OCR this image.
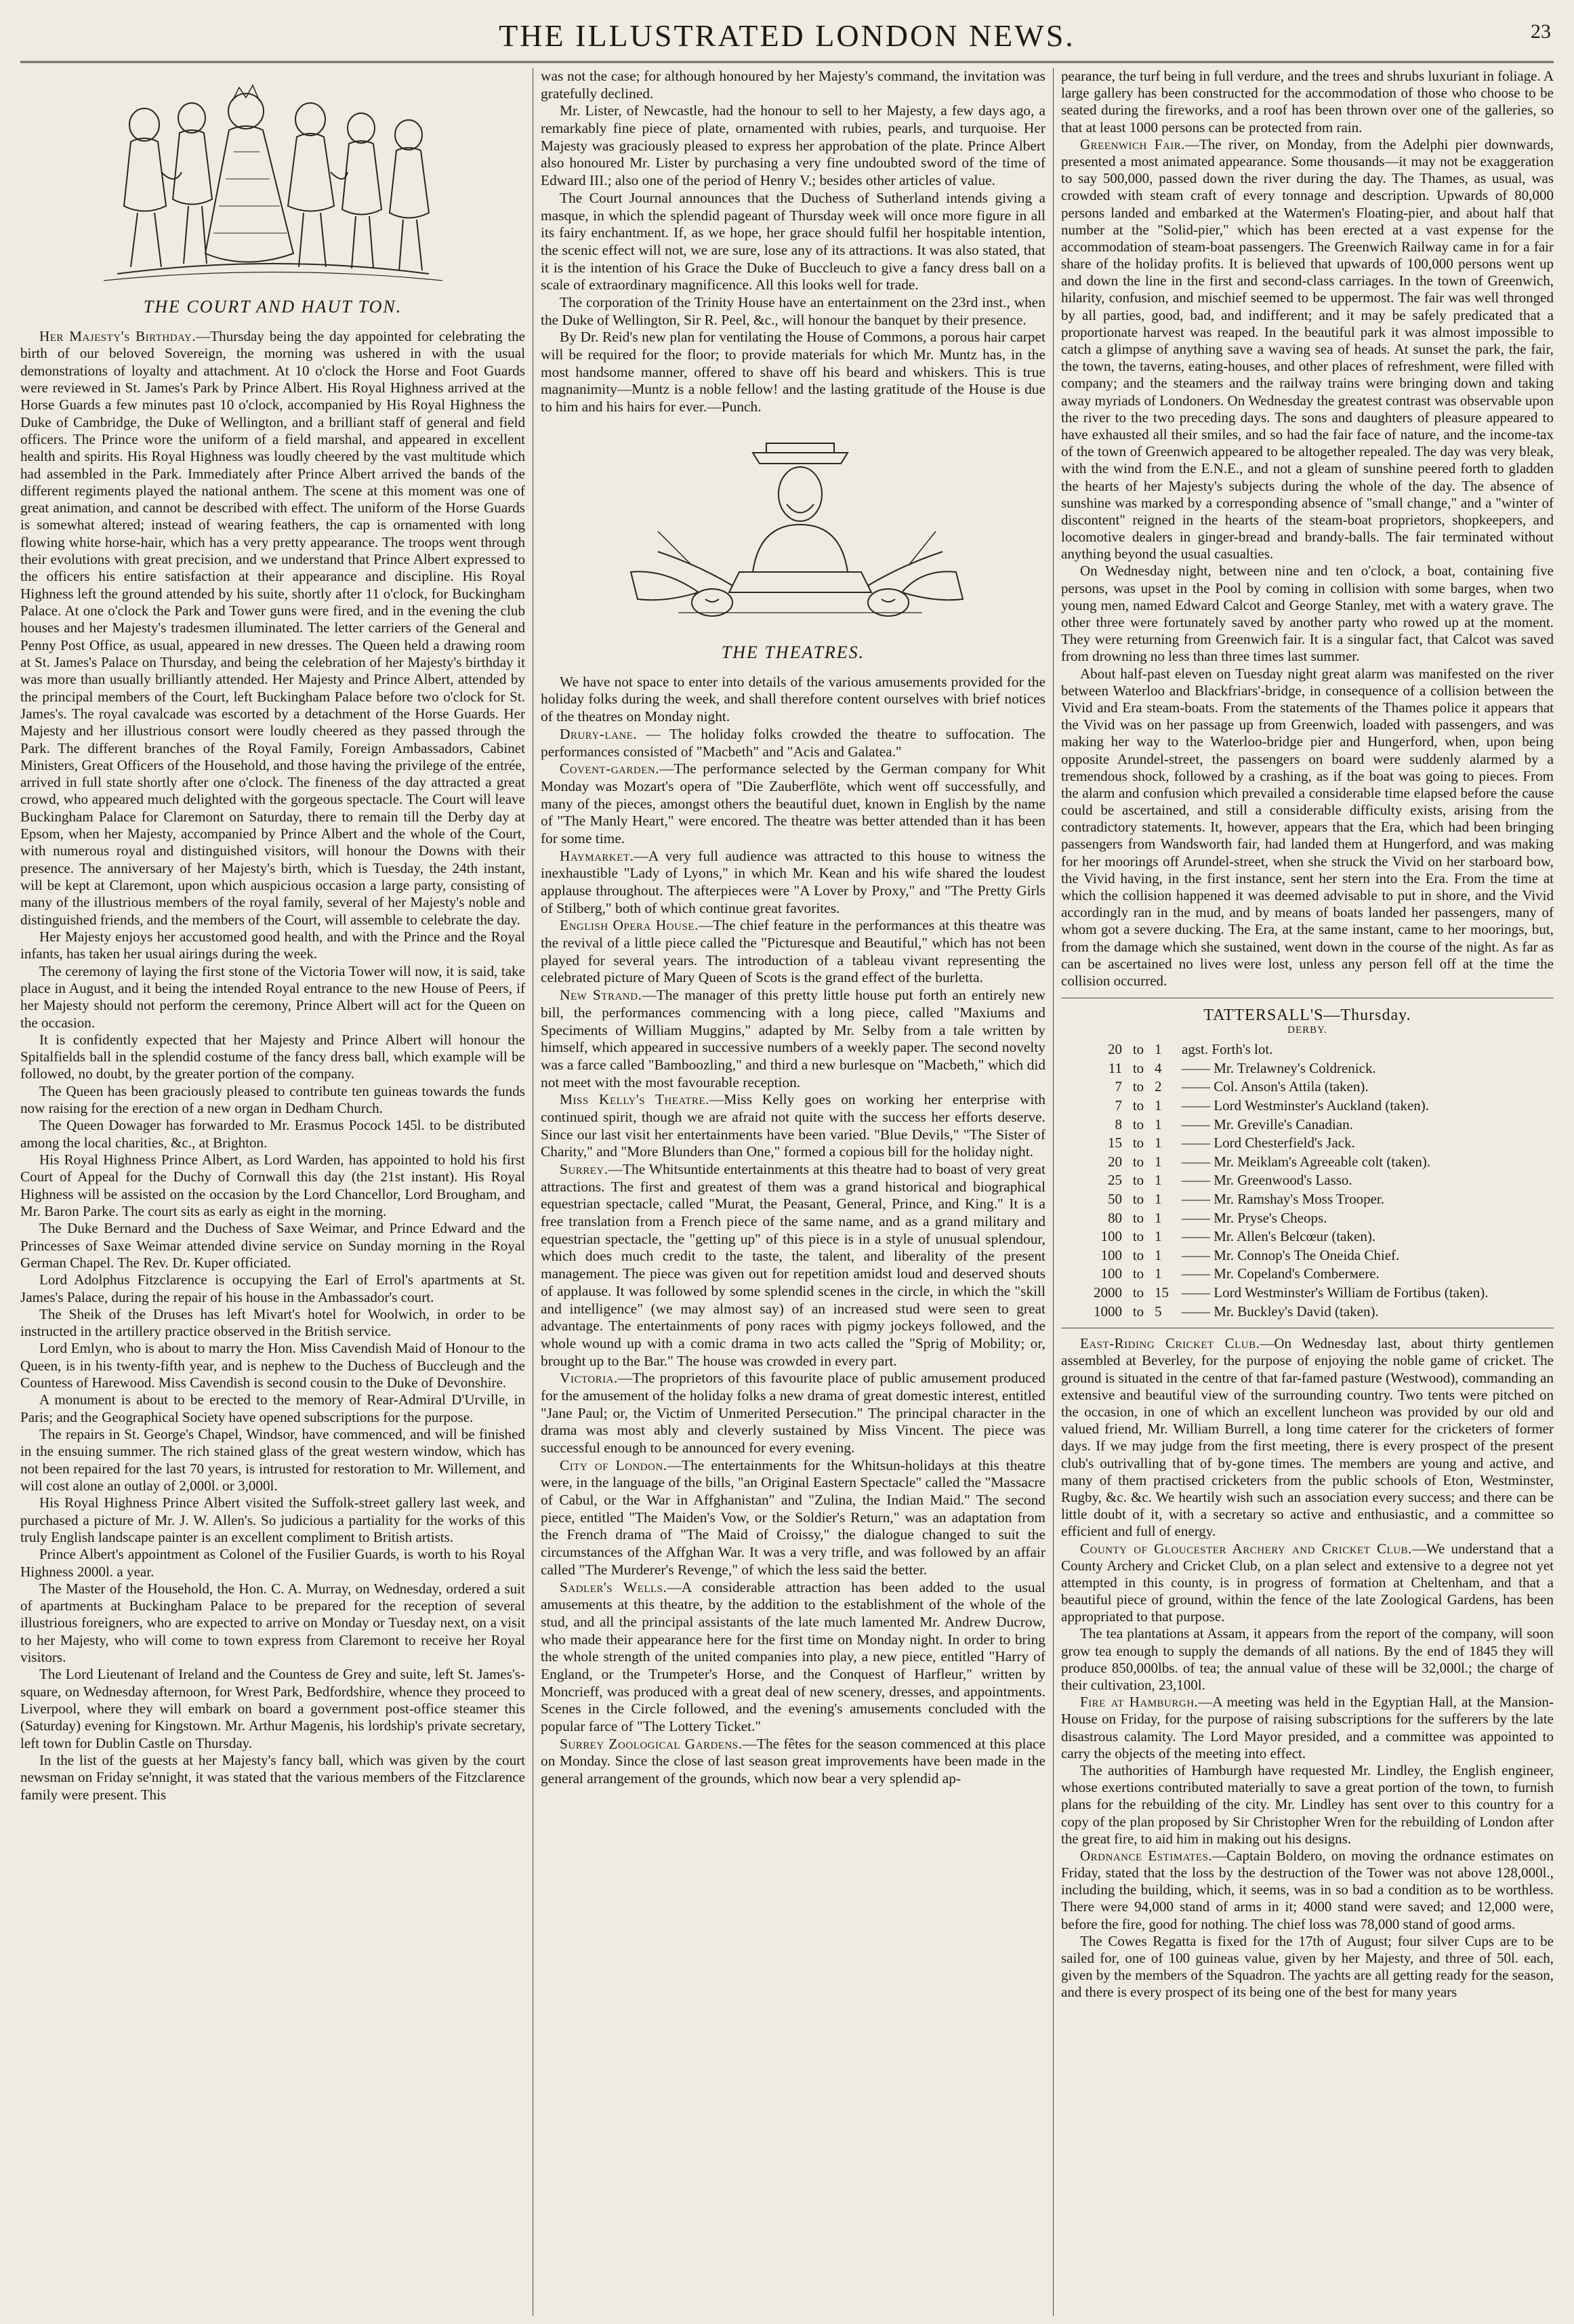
THE ILLUSTRATED LONDON NEWS.	23
THE COURT AND HAUT TON.

Her Majesty's Birthday.—Thursday being the day appointed for celebrating the birth of our beloved Sovereign, the morning was ushered in with the usual demonstrations of loyalty and attachment. At 10 o'clock the Horse and Foot Guards were reviewed in St. James's Park by Prince Albert. His Royal Highness arrived at the Horse Guards a few minutes past 10 o'clock, accompanied by His Royal Highness the Duke of Cambridge, the Duke of Wellington, and a brilliant staff of general and field officers. The Prince wore the uniform of a field marshal, and appeared in excellent health and spirits. His Royal Highness was loudly cheered by the vast multitude which had assembled in the Park. Immediately after Prince Albert arrived the bands of the different regiments played the national anthem. The scene at this moment was one of great animation, and cannot be described with effect. The uniform of the Horse Guards is somewhat altered; instead of wearing feathers, the cap is ornamented with long flowing white horse-hair, which has a very pretty appearance. The troops went through their evolutions with great precision, and we understand that Prince Albert expressed to the officers his entire satisfaction at their appearance and discipline. His Royal Highness left the ground attended by his suite, shortly after 11 o'clock, for Buckingham Palace. At one o'clock the Park and Tower guns were fired, and in the evening the club houses and her Majesty's tradesmen illuminated. The letter carriers of the General and Penny Post Office, as usual, appeared in new dresses. The Queen held a drawing room at St. James's Palace on Thursday, and being the celebration of her Majesty's birthday it was more than usually brilliantly attended. Her Majesty and Prince Albert, attended by the principal members of the Court, left Buckingham Palace before two o'clock for St. James's. The royal cavalcade was escorted by a detachment of the Horse Guards. Her Majesty and her illustrious consort were loudly cheered as they passed through the Park. The different branches of the Royal Family, Foreign Ambassadors, Cabinet Ministers, Great Officers of the Household, and those having the privilege of the entrée, arrived in full state shortly after one o'clock. The fineness of the day attracted a great crowd, who appeared much delighted with the gorgeous spectacle. The Court will leave Buckingham Palace for Claremont on Saturday, there to remain till the Derby day at Epsom, when her Majesty, accompanied by Prince Albert and the whole of the Court, with numerous royal and distinguished visitors, will honour the Downs with their presence. The anniversary of her Majesty's birth, which is Tuesday, the 24th instant, will be kept at Claremont, upon which auspicious occasion a large party, consisting of many of the illustrious members of the royal family, several of her Majesty's noble and distinguished friends, and the members of the Court, will assemble to celebrate the day.

Her Majesty enjoys her accustomed good health, and with the Prince and the Royal infants, has taken her usual airings during the week.

The ceremony of laying the first stone of the Victoria Tower will now, it is said, take place in August, and it being the intended Royal entrance to the new House of Peers, if her Majesty should not perform the ceremony, Prince Albert will act for the Queen on the occasion.

It is confidently expected that her Majesty and Prince Albert will honour the Spitalfields ball in the splendid costume of the fancy dress ball, which example will be followed, no doubt, by the greater portion of the company.

The Queen has been graciously pleased to contribute ten guineas towards the funds now raising for the erection of a new organ in Dedham Church.

The Queen Dowager has forwarded to Mr. Erasmus Pocock 145l. to be distributed among the local charities, &c., at Brighton.

His Royal Highness Prince Albert, as Lord Warden, has appointed to hold his first Court of Appeal for the Duchy of Cornwall this day (the 21st instant). His Royal Highness will be assisted on the occasion by the Lord Chancellor, Lord Brougham, and Mr. Baron Parke. The court sits as early as eight in the morning.

The Duke Bernard and the Duchess of Saxe Weimar, and Prince Edward and the Princesses of Saxe Weimar attended divine service on Sunday morning in the Royal German Chapel. The Rev. Dr. Kuper officiated.

Lord Adolphus Fitzclarence is occupying the Earl of Errol's apartments at St. James's Palace, during the repair of his house in the Ambassador's court.

The Sheik of the Druses has left Mivart's hotel for Woolwich, in order to be instructed in the artillery practice observed in the British service.

Lord Emlyn, who is about to marry the Hon. Miss Cavendish Maid of Honour to the Queen, is in his twenty-fifth year, and is nephew to the Duchess of Buccleugh and the Countess of Harewood. Miss Cavendish is second cousin to the Duke of Devonshire.

A monument is about to be erected to the memory of Rear-Admiral D'Urville, in Paris; and the Geographical Society have opened subscriptions for the purpose.

The repairs in St. George's Chapel, Windsor, have commenced, and will be finished in the ensuing summer. The rich stained glass of the great western window, which has not been repaired for the last 70 years, is intrusted for restoration to Mr. Willement, and will cost alone an outlay of 2,000l. or 3,000l.

His Royal Highness Prince Albert visited the Suffolk-street gallery last week, and purchased a picture of Mr. J. W. Allen's. So judicious a partiality for the works of this truly English landscape painter is an excellent compliment to British artists.

Prince Albert's appointment as Colonel of the Fusilier Guards, is worth to his Royal Highness 2000l. a year.

The Master of the Household, the Hon. C. A. Murray, on Wednesday, ordered a suit of apartments at Buckingham Palace to be prepared for the reception of several illustrious foreigners, who are expected to arrive on Monday or Tuesday next, on a visit to her Majesty, who will come to town express from Claremont to receive her Royal visitors.

The Lord Lieutenant of Ireland and the Countess de Grey and suite, left St. James's-square, on Wednesday afternoon, for Wrest Park, Bedfordshire, whence they proceed to Liverpool, where they will embark on board a government post-office steamer this (Saturday) evening for Kingstown. Mr. Arthur Magenis, his lordship's private secretary, left town for Dublin Castle on Thursday.

In the list of the guests at her Majesty's fancy ball, which was given by the court newsman on Friday se'nnight, it was stated that the various members of the Fitzclarence family were present. This

was not the case; for although honoured by her Majesty's command, the invitation was gratefully declined.

Mr. Lister, of Newcastle, had the honour to sell to her Majesty, a few days ago, a remarkably fine piece of plate, ornamented with rubies, pearls, and turquoise. Her Majesty was graciously pleased to express her approbation of the plate. Prince Albert also honoured Mr. Lister by purchasing a very fine undoubted sword of the time of Edward III.; also one of the period of Henry V.; besides other articles of value.

The Court Journal announces that the Duchess of Sutherland intends giving a masque, in which the splendid pageant of Thursday week will once more figure in all its fairy enchantment. If, as we hope, her grace should fulfil her hospitable intention, the scenic effect will not, we are sure, lose any of its attractions. It was also stated, that it is the intention of his Grace the Duke of Buccleuch to give a fancy dress ball on a scale of extraordinary magnificence. All this looks well for trade.

The corporation of the Trinity House have an entertainment on the 23rd inst., when the Duke of Wellington, Sir R. Peel, &c., will honour the banquet by their presence.

By Dr. Reid's new plan for ventilating the House of Commons, a porous hair carpet will be required for the floor; to provide materials for which Mr. Muntz has, in the most handsome manner, offered to shave off his beard and whiskers. This is true magnanimity—Muntz is a noble fellow! and the lasting gratitude of the House is due to him and his hairs for ever.—Punch.

THE THEATRES.

We have not space to enter into details of the various amusements provided for the holiday folks during the week, and shall therefore content ourselves with brief notices of the theatres on Monday night.

Drury-lane. — The holiday folks crowded the theatre to suffocation. The performances consisted of "Macbeth" and "Acis and Galatea."

Covent-garden.—The performance selected by the German company for Whit Monday was Mozart's opera of "Die Zauberflöte, which went off successfully, and many of the pieces, amongst others the beautiful duet, known in English by the name of "The Manly Heart," were encored. The theatre was better attended than it has been for some time.

Haymarket.—A very full audience was attracted to this house to witness the inexhaustible "Lady of Lyons," in which Mr. Kean and his wife shared the loudest applause throughout. The afterpieces were "A Lover by Proxy," and "The Pretty Girls of Stilberg," both of which continue great favorites.

English Opera House.—The chief feature in the performances at this theatre was the revival of a little piece called the "Picturesque and Beautiful," which has not been played for several years. The introduction of a tableau vivant representing the celebrated picture of Mary Queen of Scots is the grand effect of the burletta.

New Strand.—The manager of this pretty little house put forth an entirely new bill, the performances commencing with a long piece, called "Maxiums and Speciments of William Muggins," adapted by Mr. Selby from a tale written by himself, which appeared in successive numbers of a weekly paper. The second novelty was a farce called "Bamboozling," and third a new burlesque on "Macbeth," which did not meet with the most favourable reception.

Miss Kelly's Theatre.—Miss Kelly goes on working her enterprise with continued spirit, though we are afraid not quite with the success her efforts deserve. Since our last visit her entertainments have been varied. "Blue Devils," "The Sister of Charity," and "More Blunders than One," formed a copious bill for the holiday night.

Surrey.—The Whitsuntide entertainments at this theatre had to boast of very great attractions. The first and greatest of them was a grand historical and biographical equestrian spectacle, called "Murat, the Peasant, General, Prince, and King." It is a free translation from a French piece of the same name, and as a grand military and equestrian spectacle, the "getting up" of this piece is in a style of unusual splendour, which does much credit to the taste, the talent, and liberality of the present management. The piece was given out for repetition amidst loud and deserved shouts of applause. It was followed by some splendid scenes in the circle, in which the "skill and intelligence" (we may almost say) of an increased stud were seen to great advantage. The entertainments of pony races with pigmy jockeys followed, and the whole wound up with a comic drama in two acts called the "Sprig of Mobility; or, brought up to the Bar." The house was crowded in every part.

Victoria.—The proprietors of this favourite place of public amusement produced for the amusement of the holiday folks a new drama of great domestic interest, entitled "Jane Paul; or, the Victim of Unmerited Persecution." The principal character in the drama was most ably and cleverly sustained by Miss Vincent. The piece was successful enough to be announced for every evening.

City of London.—The entertainments for the Whitsun-holidays at this theatre were, in the language of the bills, "an Original Eastern Spectacle" called the "Massacre of Cabul, or the War in Affghanistan" and "Zulina, the Indian Maid." The second piece, entitled "The Maiden's Vow, or the Soldier's Return," was an adaptation from the French drama of "The Maid of Croissy," the dialogue changed to suit the circumstances of the Affghan War. It was a very trifle, and was followed by an affair called "The Murderer's Revenge," of which the less said the better.

Sadler's Wells.—A considerable attraction has been added to the usual amusements at this theatre, by the addition to the establishment of the whole of the stud, and all the principal assistants of the late much lamented Mr. Andrew Ducrow, who made their appearance here for the first time on Monday night. In order to bring the whole strength of the united companies into play, a new piece, entitled "Harry of England, or the Trumpeter's Horse, and the Conquest of Harfleur," written by Moncrieff, was produced with a great deal of new scenery, dresses, and appointments. Scenes in the Circle followed, and the evening's amusements concluded with the popular farce of "The Lottery Ticket."

Surrey Zoological Gardens.—The fêtes for the season commenced at this place on Monday. Since the close of last season great improvements have been made in the general arrangement of the grounds, which now bear a very splendid ap-

pearance, the turf being in full verdure, and the trees and shrubs luxuriant in foliage. A large gallery has been constructed for the accommodation of those who choose to be seated during the fireworks, and a roof has been thrown over one of the galleries, so that at least 1000 persons can be protected from rain.

Greenwich Fair.—The river, on Monday, from the Adelphi pier downwards, presented a most animated appearance. Some thousands—it may not be exaggeration to say 500,000, passed down the river during the day. The Thames, as usual, was crowded with steam craft of every tonnage and description. Upwards of 80,000 persons landed and embarked at the Watermen's Floating-pier, and about half that number at the "Solid-pier," which has been erected at a vast expense for the accommodation of steam-boat passengers. The Greenwich Railway came in for a fair share of the holiday profits. It is believed that upwards of 100,000 persons went up and down the line in the first and second-class carriages. In the town of Greenwich, hilarity, confusion, and mischief seemed to be uppermost. The fair was well thronged by all parties, good, bad, and indifferent; and it may be safely predicated that a proportionate harvest was reaped. In the beautiful park it was almost impossible to catch a glimpse of anything save a waving sea of heads. At sunset the park, the fair, the town, the taverns, eating-houses, and other places of refreshment, were filled with company; and the steamers and the railway trains were bringing down and taking away myriads of Londoners. On Wednesday the greatest contrast was observable upon the river to the two preceding days. The sons and daughters of pleasure appeared to have exhausted all their smiles, and so had the fair face of nature, and the income-tax of the town of Greenwich appeared to be altogether repealed. The day was very bleak, with the wind from the E.N.E., and not a gleam of sunshine peered forth to gladden the hearts of her Majesty's subjects during the whole of the day. The absence of sunshine was marked by a corresponding absence of "small change," and a "winter of discontent" reigned in the hearts of the steam-boat proprietors, shopkeepers, and locomotive dealers in ginger-bread and brandy-balls. The fair terminated without anything beyond the usual casualties.

On Wednesday night, between nine and ten o'clock, a boat, containing five persons, was upset in the Pool by coming in collision with some barges, when two young men, named Edward Calcot and George Stanley, met with a watery grave. The other three were fortunately saved by another party who rowed up at the moment. They were returning from Greenwich fair. It is a singular fact, that Calcot was saved from drowning no less than three times last summer.

About half-past eleven on Tuesday night great alarm was manifested on the river between Waterloo and Blackfriars'-bridge, in consequence of a collision between the Vivid and Era steam-boats. From the statements of the Thames police it appears that the Vivid was on her passage up from Greenwich, loaded with passengers, and was making her way to the Waterloo-bridge pier and Hungerford, when, upon being opposite Arundel-street, the passengers on board were suddenly alarmed by a tremendous shock, followed by a crashing, as if the boat was going to pieces. From the alarm and confusion which prevailed a considerable time elapsed before the cause could be ascertained, and still a considerable difficulty exists, arising from the contradictory statements. It, however, appears that the Era, which had been bringing passengers from Wandsworth fair, had landed them at Hungerford, and was making for her moorings off Arundel-street, when she struck the Vivid on her starboard bow, the Vivid having, in the first instance, sent her stern into the Era. From the time at which the collision happened it was deemed advisable to put in shore, and the Vivid accordingly ran in the mud, and by means of boats landed her passengers, many of whom got a severe ducking. The Era, at the same instant, came to her moorings, but, from the damage which she sustained, went down in the course of the night. As far as can be ascertained no lives were lost, unless any person fell off at the time the collision occurred.

TATTERSALL'S—Thursday.
DERBY.
20	to	1	agst. Forth's lot.
11	to	4	—— Mr. Trelawney's Coldrenick.
7	to	2	—— Col. Anson's Attila (taken).
7	to	1	—— Lord Westminster's Auckland (taken).
8	to	1	—— Mr. Greville's Canadian.
15	to	1	—— Lord Chesterfield's Jack.
20	to	1	—— Mr. Meiklam's Agreeable colt (taken).
25	to	1	—— Mr. Greenwood's Lasso.
50	to	1	—— Mr. Ramshay's Moss Trooper.
80	to	1	—— Mr. Pryse's Cheops.
100	to	1	—— Mr. Allen's Belcœur (taken).
100	to	1	—— Mr. Connop's The Oneida Chief.
100	to	1	—— Mr. Copeland's Comberмere.
2000	to	15	—— Lord Westminster's William de Fortibus (taken).
1000	to	5	—— Mr. Buckley's David (taken).

East-Riding Cricket Club.—On Wednesday last, about thirty gentlemen assembled at Beverley, for the purpose of enjoying the noble game of cricket. The ground is situated in the centre of that far-famed pasture (Westwood), commanding an extensive and beautiful view of the surrounding country. Two tents were pitched on the occasion, in one of which an excellent luncheon was provided by our old and valued friend, Mr. William Burrell, a long time caterer for the cricketers of former days. If we may judge from the first meeting, there is every prospect of the present club's outrivalling that of by-gone times. The members are young and active, and many of them practised cricketers from the public schools of Eton, Westminster, Rugby, &c. &c. We heartily wish such an association every success; and there can be little doubt of it, with a secretary so active and enthusiastic, and a committee so efficient and full of energy.

County of Gloucester Archery and Cricket Club.—We understand that a County Archery and Cricket Club, on a plan select and extensive to a degree not yet attempted in this county, is in progress of formation at Cheltenham, and that a beautiful piece of ground, within the fence of the late Zoological Gardens, has been appropriated to that purpose.

The tea plantations at Assam, it appears from the report of the company, will soon grow tea enough to supply the demands of all nations. By the end of 1845 they will produce 850,000lbs. of tea; the annual value of these will be 32,000l.; the charge of their cultivation, 23,100l.

Fire at Hamburgh.—A meeting was held in the Egyptian Hall, at the Mansion-House on Friday, for the purpose of raising subscriptions for the sufferers by the late disastrous calamity. The Lord Mayor presided, and a committee was appointed to carry the objects of the meeting into effect.

The authorities of Hamburgh have requested Mr. Lindley, the English engineer, whose exertions contributed materially to save a great portion of the town, to furnish plans for the rebuilding of the city. Mr. Lindley has sent over to this country for a copy of the plan proposed by Sir Christopher Wren for the rebuilding of London after the great fire, to aid him in making out his designs.

Ordnance Estimates.—Captain Boldero, on moving the ordnance estimates on Friday, stated that the loss by the destruction of the Tower was not above 128,000l., including the building, which, it seems, was in so bad a condition as to be worthless. There were 94,000 stand of arms in it; 4000 stand were saved; and 12,000 were, before the fire, good for nothing. The chief loss was 78,000 stand of good arms.

The Cowes Regatta is fixed for the 17th of August; four silver Cups are to be sailed for, one of 100 guineas value, given by her Majesty, and three of 50l. each, given by the members of the Squadron. The yachts are all getting ready for the season, and there is every prospect of its being one of the best for many years
